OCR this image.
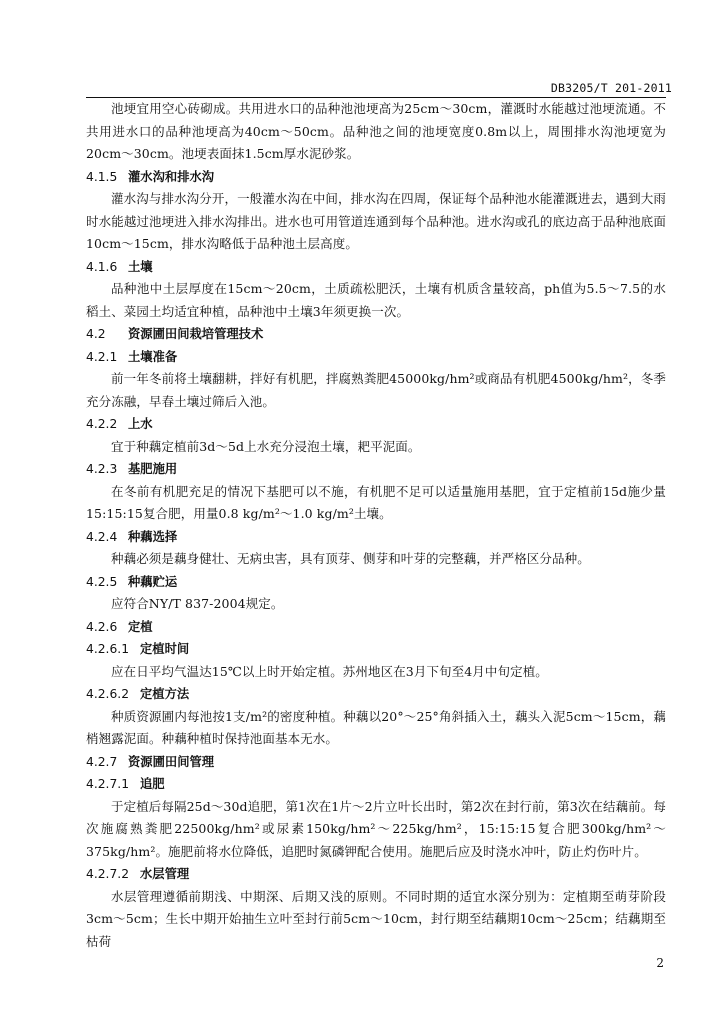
DB3205/T 201-2011
池埂宜用空心砖砌成。共用进水口的品种池池埂高为25cm～30cm，灌溉时水能越过池埂流通。不共用进水口的品种池埂高为40cm～50cm。品种池之间的池埂宽度0.8m以上，周围排水沟池埂宽为20cm～30cm。池埂表面抹1.5cm厚水泥砂浆。
4.1.5 灌水沟和排水沟
灌水沟与排水沟分开，一般灌水沟在中间，排水沟在四周，保证每个品种池水能灌溉进去，遇到大雨时水能越过池埂进入排水沟排出。进水也可用管道连通到每个品种池。进水沟或孔的底边高于品种池底面10cm～15cm，排水沟略低于品种池土层高度。
4.1.6 土壤
品种池中土层厚度在15cm～20cm，土质疏松肥沃，土壤有机质含量较高，ph值为5.5～7.5的水稻土、菜园土均适宜种植，品种池中土壤3年须更换一次。
4.2 资源圃田间栽培管理技术
4.2.1 土壤准备
前一年冬前将土壤翻耕，拌好有机肥，拌腐熟粪肥45000kg/hm²或商品有机肥4500kg/hm²，冬季充分冻融，早春土壤过筛后入池。
4.2.2 上水
宜于种藕定植前3d～5d上水充分浸泡土壤，耙平泥面。
4.2.3 基肥施用
在冬前有机肥充足的情况下基肥可以不施，有机肥不足可以适量施用基肥，宜于定植前15d施少量15:15:15复合肥，用量0.8 kg/m²～1.0 kg/m²土壤。
4.2.4 种藕选择
种藕必须是藕身健壮、无病虫害，具有顶芽、侧芽和叶芽的完整藕，并严格区分品种。
4.2.5 种藕贮运
应符合NY/T 837-2004规定。
4.2.6 定植
4.2.6.1 定植时间
应在日平均气温达15℃以上时开始定植。苏州地区在3月下旬至4月中旬定植。
4.2.6.2 定植方法
种质资源圃内每池按1支/m²的密度种植。种藕以20°～25°角斜插入土，藕头入泥5cm～15cm，藕梢翘露泥面。种藕种植时保持池面基本无水。
4.2.7 资源圃田间管理
4.2.7.1 追肥
于定植后每隔25d～30d追肥，第1次在1片～2片立叶长出时，第2次在封行前，第3次在结藕前。每次施腐熟粪肥22500kg/hm²或尿素150kg/hm²～225kg/hm²，15:15:15复合肥300kg/hm²～375kg/hm²。施肥前将水位降低，追肥时氮磷钾配合使用。施肥后应及时浇水冲叶，防止灼伤叶片。
4.2.7.2 水层管理
水层管理遵循前期浅、中期深、后期又浅的原则。不同时期的适宜水深分别为：定植期至萌芽阶段3cm～5cm；生长中期开始抽生立叶至封行前5cm～10cm，封行期至结藕期10cm～25cm；结藕期至枯荷
2
